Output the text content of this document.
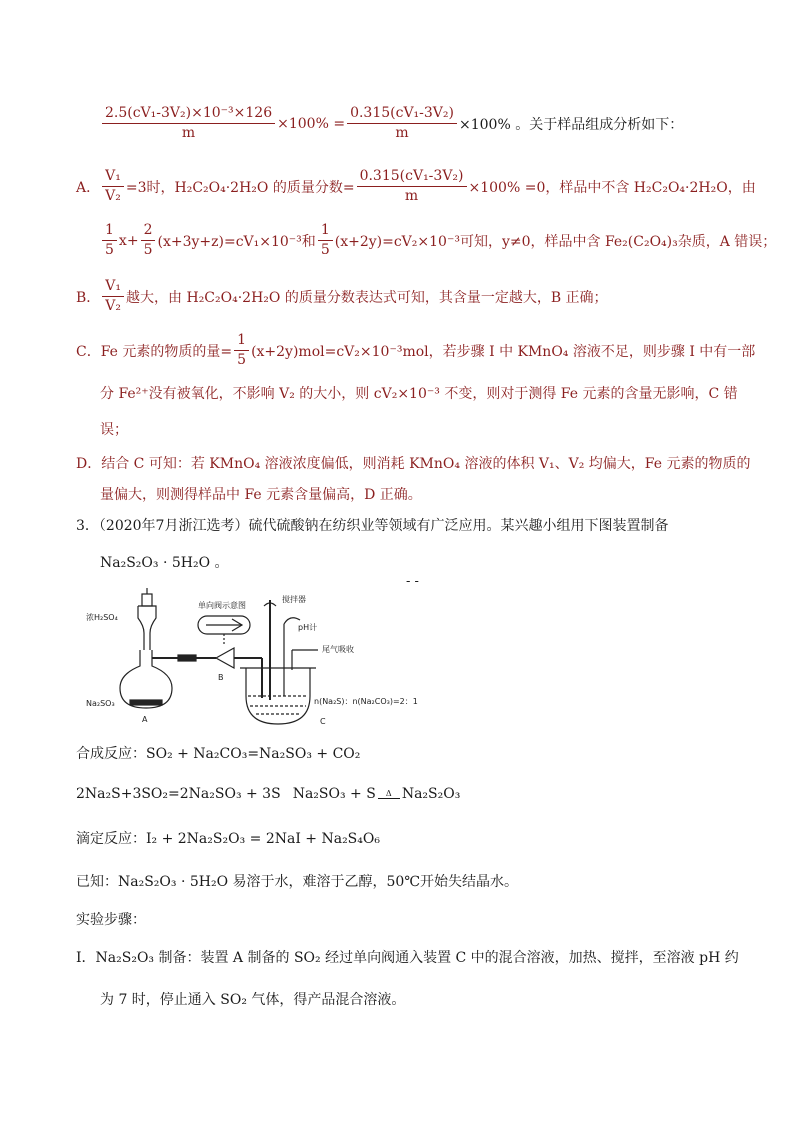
$\frac{\text{2.5(cV₁-3V₂)×10⁻³×126}}{m} \times 100\% = \frac{\text{0.315(cV₁-3V₂)}}{m} \times 100\%$ 。关于样品组成分析如下：
A． $\frac{\text{V₁}}{\text{V₂}} =3$时，H₂C₂O₄·2H₂O 的质量分数= $\frac{\text{0.315(cV₁-3V₂)}}{m} \times 100\% =0$，样品中不含 H₂C₂O₄·2H₂O，由
$\frac{1}{5} x+ \frac{2}{5} (x+3y+z)=cV_1\times 10^{-3}$和 $\frac{1}{5} (x+2y)=cV_2\times 10^{-3}$可知，y≠0，样品中含 Fe₂(C₂O₄)₃杂质，A 错误；
B． $\frac{\text{V₁}}{\text{V₂}}$ 越大，由 H₂C₂O₄·2H₂O 的质量分数表达式可知，其含量一定越大，B 正确；
C． Fe 元素的物质的量= $\frac{1}{5} (x+2y)mol=cV_2\times 10^{-3}mol$，若步骤 I 中 KMnO₄ 溶液不足，则步骤 I 中有一部
分 Fe²⁺没有被氧化，不影响 V₂ 的大小，则 cV₂×10⁻³ 不变，则对于测得 Fe 元素的含量无影响，C 错
误；
D．结合 C 可知：若 KMnO₄ 溶液浓度偏低，则消耗 KMnO₄ 溶液的体积 V₁、V₂ 均偏大，Fe 元素的物质的
量偏大，则测得样品中 Fe 元素含量偏高，D 正确。
3．（2020年7月浙江选考）硫代硫酸钠在纺织业等领域有广泛应用。某兴趣小组用下图装置制备
Na₂S₂O₃ · 5H₂O 。
- -
浓H₂SO₄
Na₂SO₃
A
单向阀示意图
B
搅拌器
pH计
尾气吸收
n(Na₂S)：n(Na₂CO₃)=2：1
C
合成反应：SO₂ + Na₂CO₃=Na₂SO₃ + CO₂
2Na₂S+3SO₂=2Na₂SO₃ + 3S Na₂SO₃ + S Δ Na₂S₂O₃
滴定反应：I₂ + 2Na₂S₂O₃ = 2NaI + Na₂S₄O₆
已知：Na₂S₂O₃ · 5H₂O 易溶于水，难溶于乙醇，50℃开始失结晶水。
实验步骤：
I．Na₂S₂O₃ 制备：装置 A 制备的 SO₂ 经过单向阀通入装置 C 中的混合溶液，加热、搅拌，至溶液 pH 约
为 7 时，停止通入 SO₂ 气体，得产品混合溶液。
